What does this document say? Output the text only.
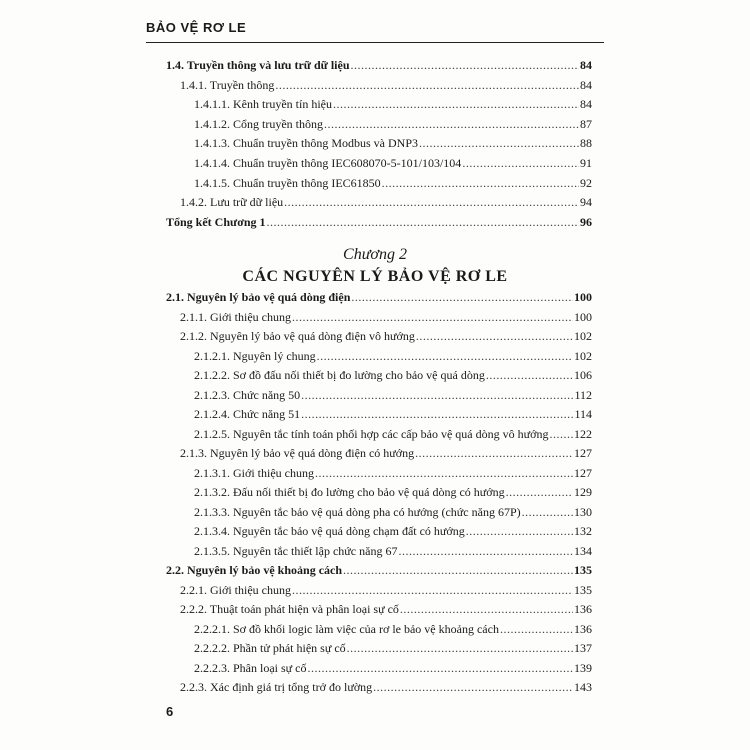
BẢO VỆ RƠ LE
1.4. Truyền thông và lưu trữ dữ liệu .....	84
1.4.1. Truyền thông .....	84
1.4.1.1. Kênh truyền tín hiệu .....	84
1.4.1.2. Cổng truyền thông .....	87
1.4.1.3. Chuẩn truyền thông Modbus và DNP3 .....	88
1.4.1.4. Chuẩn truyền thông IEC608070-5-101/103/104 .....	91
1.4.1.5. Chuẩn truyền thông IEC61850 .....	92
1.4.2. Lưu trữ dữ liệu .....	94
Tổng kết Chương 1 .....	96
Chương 2
CÁC NGUYÊN LÝ BẢO VỆ RƠ LE
2.1. Nguyên lý bảo vệ quá dòng điện .....	100
2.1.1. Giới thiệu chung .....	100
2.1.2. Nguyên lý bảo vệ quá dòng điện vô hướng .....	102
2.1.2.1. Nguyên lý chung .....	102
2.1.2.2. Sơ đồ đấu nối thiết bị đo lường cho bảo vệ quá dòng .....	106
2.1.2.3. Chức năng 50 .....	112
2.1.2.4. Chức năng 51 .....	114
2.1.2.5. Nguyên tắc tính toán phối hợp các cấp bảo vệ quá dòng vô hướng ..... 122
2.1.3. Nguyên lý bảo vệ quá dòng điện có hướng .....	127
2.1.3.1. Giới thiệu chung .....	127
2.1.3.2. Đấu nối thiết bị đo lường cho bảo vệ quá dòng có hướng .....	129
2.1.3.3. Nguyên tắc bảo vệ quá dòng pha có hướng (chức năng 67P) .....	130
2.1.3.4. Nguyên tắc bảo vệ quá dòng chạm đất có hướng .....	132
2.1.3.5. Nguyên tắc thiết lập chức năng 67 .....	134
2.2. Nguyên lý bảo vệ khoảng cách .....	135
2.2.1. Giới thiệu chung .....	135
2.2.2. Thuật toán phát hiện và phân loại sự cố .....	136
2.2.2.1. Sơ đồ khối logic làm việc của rơ le bảo vệ khoảng cách .....	136
2.2.2.2. Phần tử phát hiện sự cố .....	137
2.2.2.3. Phân loại sự cố .....	139
2.2.3. Xác định giá trị tổng trở đo lường .....	143
6
